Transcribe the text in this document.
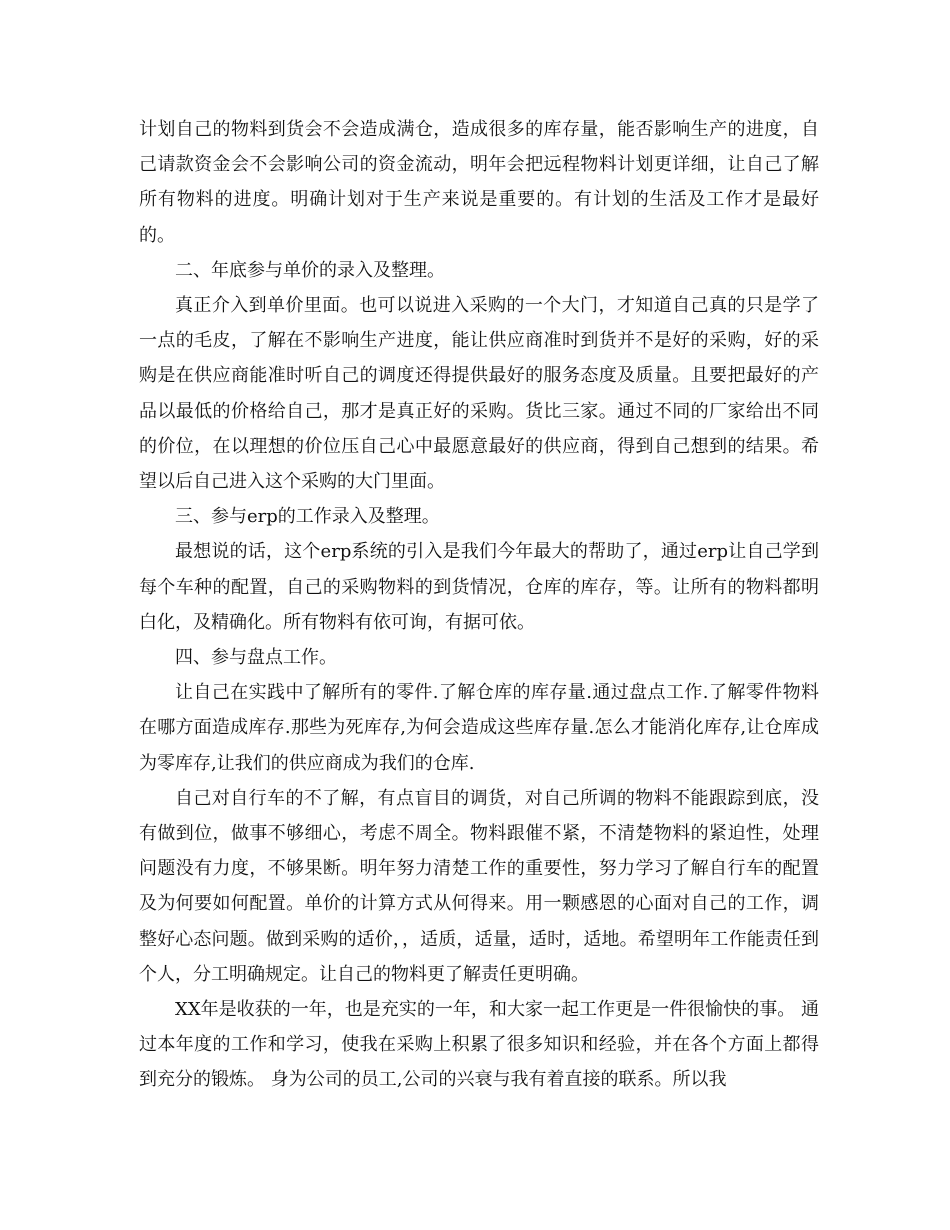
计划自己的物料到货会不会造成满仓，造成很多的库存量，能否影响生产的进度，自己请款资金会不会影响公司的资金流动，明年会把远程物料计划更详细，让自己了解所有物料的进度。明确计划对于生产来说是重要的。有计划的生活及工作才是最好的。

二、年底参与单价的录入及整理。

真正介入到单价里面。也可以说进入采购的一个大门，才知道自己真的只是学了一点的毛皮，了解在不影响生产进度，能让供应商准时到货并不是好的采购，好的采购是在供应商能准时听自己的调度还得提供最好的服务态度及质量。且要把最好的产品以最低的价格给自己，那才是真正好的采购。货比三家。通过不同的厂家给出不同的价位，在以理想的价位压自己心中最愿意最好的供应商，得到自己想到的结果。希望以后自己进入这个采购的大门里面。

三、参与erp的工作录入及整理。

最想说的话，这个erp系统的引入是我们今年最大的帮助了，通过erp让自己学到每个车种的配置，自己的采购物料的到货情况，仓库的库存，等。让所有的物料都明白化，及精确化。所有物料有依可询，有据可依。

四、参与盘点工作。

让自己在实践中了解所有的零件.了解仓库的库存量.通过盘点工作.了解零件物料在哪方面造成库存.那些为死库存,为何会造成这些库存量.怎么才能消化库存,让仓库成为零库存,让我们的供应商成为我们的仓库.

自己对自行车的不了解，有点盲目的调货，对自己所调的物料不能跟踪到底，没有做到位，做事不够细心，考虑不周全。物料跟催不紧，不清楚物料的紧迫性，处理问题没有力度，不够果断。明年努力清楚工作的重要性，努力学习了解自行车的配置及为何要如何配置。单价的计算方式从何得来。用一颗感恩的心面对自己的工作，调整好心态问题。做到采购的适价，，适质，适量，适时，适地。希望明年工作能责任到个人，分工明确规定。让自己的物料更了解责任更明确。

XX年是收获的一年，也是充实的一年，和大家一起工作更是一件很愉快的事。 通过本年度的工作和学习，使我在采购上积累了很多知识和经验，并在各个方面上都得到充分的锻炼。 身为公司的员工,公司的兴衰与我有着直接的联系。所以我
